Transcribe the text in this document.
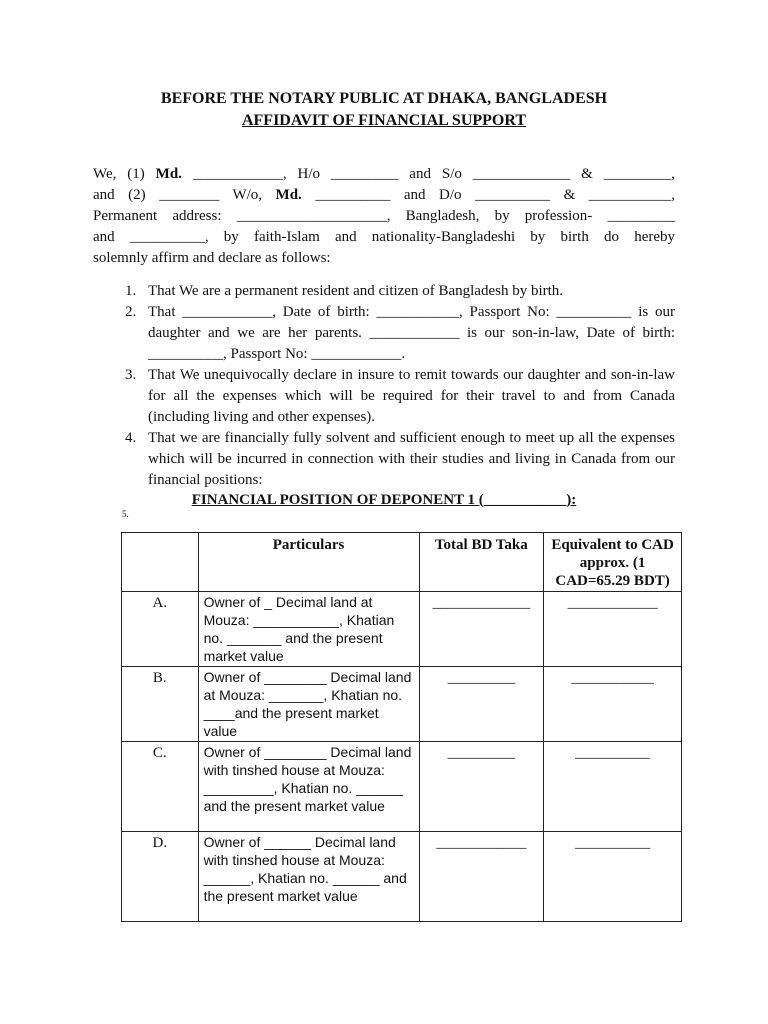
BEFORE THE NOTARY PUBLIC AT DHAKA, BANGLADESH
AFFIDAVIT OF FINANCIAL SUPPORT

We, (1) Md. ____________, H/o _________ and S/o _____________ & _________,

and (2) ________ W/o, Md. __________ and D/o __________ & ___________,

Permanent address: ____________________, Bangladesh, by profession- _________

and __________, by faith-Islam and nationality-Bangladeshi by birth do hereby

solemnly affirm and declare as follows:

1. That We are a permanent resident and citizen of Bangladesh by birth.
2. That ____________, Date of birth: ___________, Passport No: __________ is our daughter and we are her parents. ____________ is our son-in-law, Date of birth: __________, Passport No: ____________.
3. That We unequivocally declare in insure to remit towards our daughter and son-in-law for all the expenses which will be required for their travel to and from Canada (including living and other expenses).
4. That we are financially fully solvent and sufficient enough to meet up all the expenses which will be incurred in connection with their studies and living in Canada from our financial positions:
FINANCIAL POSITION OF DEPONENT 1 (___________):
5.
	Particulars	Total BD Taka	Equivalent to CAD approx. (1 CAD=65.29 BDT)
A.	Owner of _ Decimal land at Mouza: ___________, Khatian no. _______ and the present market value	_____________	____________
B.	Owner of ________ Decimal land at Mouza: _______, Khatian no. ____and the present market value	_________	___________
C.	Owner of ________ Decimal land with tinshed house at Mouza: _________, Khatian no. ______ and the present market value	_________	__________
D.	Owner of ______ Decimal land with tinshed house at Mouza: ______, Khatian no. ______ and the present market value	____________	__________
